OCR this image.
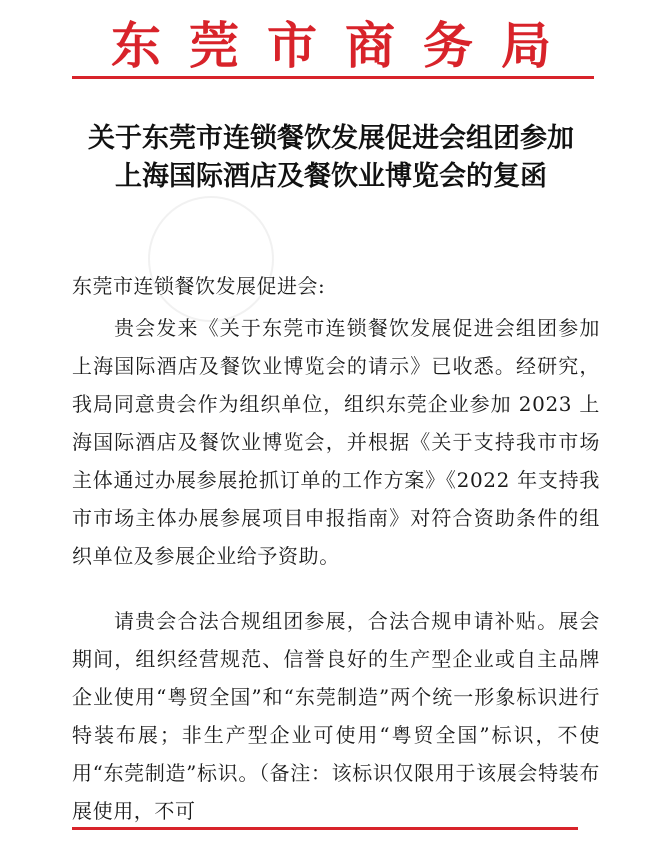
东莞市商务局
关于东莞市连锁餐饮发展促进会组团参加
上海国际酒店及餐饮业博览会的复函
东莞市连锁餐饮发展促进会:
贵会发来《关于东莞市连锁餐饮发展促进会组团参加上海国际酒店及餐饮业博览会的请示》已收悉。经研究，我局同意贵会作为组织单位，组织东莞企业参加 2023 上海国际酒店及餐饮业博览会，并根据《关于支持我市市场主体通过办展参展抢抓订单的工作方案》《2022 年支持我市市场主体办展参展项目申报指南》对符合资助条件的组织单位及参展企业给予资助。
请贵会合法合规组团参展，合法合规申请补贴。展会期间，组织经营规范、信誉良好的生产型企业或自主品牌企业使用“粤贸全国”和“东莞制造”两个统一形象标识进行特装布展；非生产型企业可使用“粤贸全国”标识，不使用“东莞制造”标识。（备注：该标识仅限用于该展会特装布展使用，不可
